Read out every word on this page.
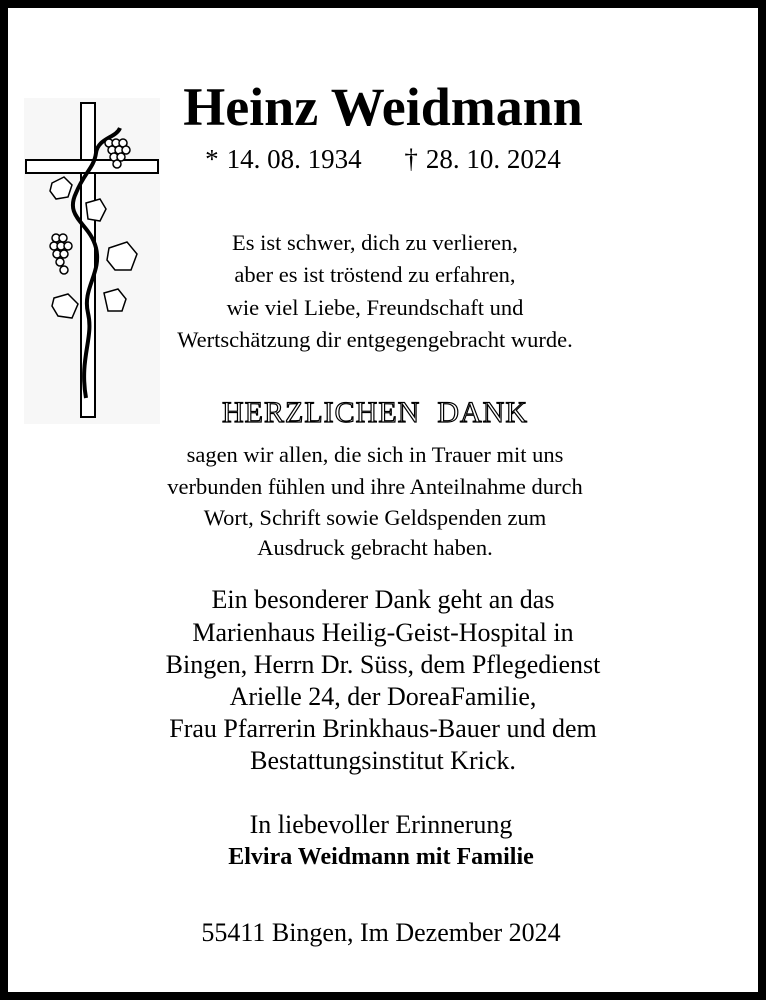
Heinz Weidmann
* 14. 08. 1934 † 28. 10. 2024
Es ist schwer, dich zu verlieren,
aber es ist tröstend zu erfahren,
wie viel Liebe, Freundschaft und
Wertschätzung dir entgegengebracht wurde.
HERZLICHEN  DANK
sagen wir allen, die sich in Trauer mit uns
verbunden fühlen und ihre Anteilnahme durch
Wort, Schrift sowie Geldspenden zum
Ausdruck gebracht haben.
Ein besonderer Dank geht an das
Marienhaus Heilig-Geist-Hospital in
Bingen, Herrn Dr. Süss, dem Pflegedienst
Arielle 24, der DoreaFamilie,
Frau Pfarrerin Brinkhaus-Bauer und dem
Bestattungsinstitut Krick.
In liebevoller Erinnerung
Elvira Weidmann mit Familie
55411 Bingen, Im Dezember 2024
